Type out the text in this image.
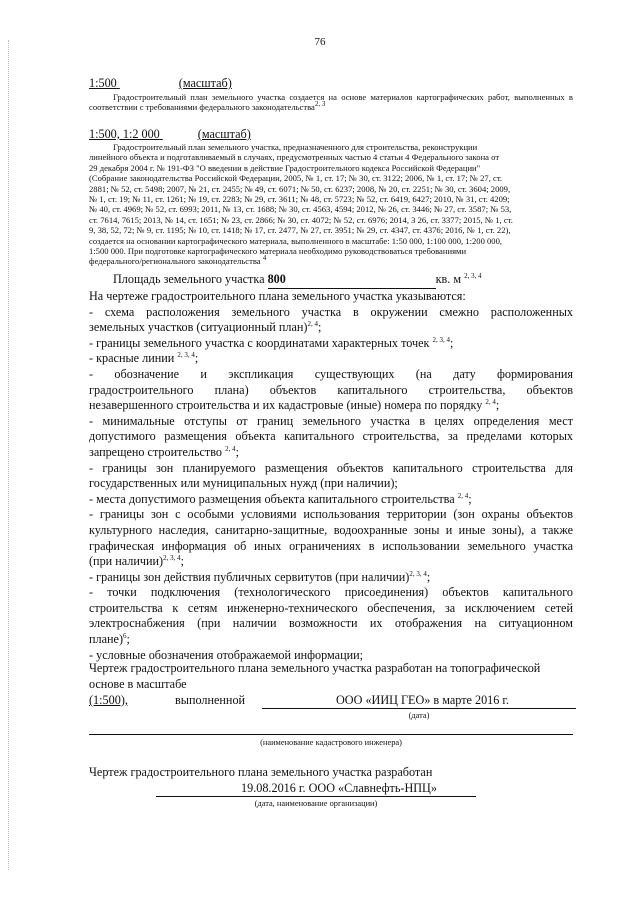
76
1:500	(масштаб)
Градостроительный план земельного участка создается на основе материалов картографических работ, выполненных в соответствии с требованиями федерального законодательства$^{2, 3}$
1:500, 1:2 000	(масштаб)
Градостроительный план земельного участка, предназначенного для строительства, реконструкции
линейного объекта и подготавливаемый в случаях, предусмотренных частью 4 статьи 4 Федерального закона от
29 декабря 2004 г. № 191-ФЗ "О введении в действие Градостроительного кодекса Российской Федерации"
(Собрание законодательства Российской Федерации, 2005, № 1, ст. 17; № 30, ст. 3122; 2006, № 1, ст. 17; № 27, ст.
2881; № 52, ст. 5498; 2007, № 21, ст. 2455; № 49, ст. 6071; № 50, ст. 6237; 2008, № 20, ст. 2251; № 30, ст. 3604; 2009,
№ 1, ст. 19; № 11, ст. 1261; № 19, ст. 2283; № 29, ст. 3611; № 48, ст. 5723; № 52, ст. 6419, 6427; 2010, № 31, ст. 4209;
№ 40, ст. 4969; № 52, ст. 6993; 2011, № 13, ст. 1688; № 30, ст. 4563, 4594; 2012, № 26, ст. 3446; № 27, ст. 3587; № 53,
ст. 7614, 7615; 2013, № 14, ст. 1651; № 23, ст. 2866; № 30, ст. 4072; № 52, ст. 6976; 2014, 3 26, ст. 3377; 2015, № 1, ст.
9, 38, 52, 72; № 9, ст. 1195; № 10, ст. 1418; № 17, ст. 2477, № 27, ст. 3951; № 29, ст. 4347, ст. 4376; 2016, № 1, ст. 22),
создается на основании картографического материала, выполненного в масштабе: 1:50 000, 1:100 000, 1:200 000,
1:500 000. При подготовке картографического материала необходимо руководствоваться требованиями
федерального/регионального законодательства $^4$
Площадь земельного участка 800	кв. м $^{2, 3, 4}$
На чертеже градостроительного плана земельного участка указываются:
- схема расположения земельного участка в окружении смежно расположенных
земельных участков (ситуационный план)$^{2, 4}$;
- границы земельного участка с координатами характерных точек $^{2, 3, 4}$;
- красные линии $^{2, 3, 4}$;
- обозначение и экспликация существующих (на дату формирования
градостроительного плана) объектов капитального строительства, объектов
незавершенного строительства и их кадастровые (иные) номера по порядку $^{2, 4}$;
- минимальные отступы от границ земельного участка в целях определения мест
допустимого размещения объекта капитального строительства, за пределами которых
запрещено строительство $^{2, 4}$;
- границы зон планируемого размещения объектов капитального строительства для
государственных или муниципальных нужд (при наличии);
- места допустимого размещения объекта капитального строительства $^{2, 4}$;
- границы зон с особыми условиями использования территории (зон охраны объектов
культурного наследия, санитарно-защитные, водоохранные зоны и иные зоны), а также
графическая информация об иных ограничениях в использовании земельного участка
(при наличии)$^{2, 3, 4}$;
- границы зон действия публичных сервитутов (при наличии)$^{2, 3, 4}$;
- точки подключения (технологического присоединения) объектов капитального
строительства к сетям инженерно-технического обеспечения, за исключением сетей
электроснабжения (при наличии возможности их отображения на ситуационном
плане)$^6$;
- условные обозначения отображаемой информации;
Чертеж градостроительного плана земельного участка разработан на топографической
основе в масштабе
(1:500),	выполненной	ООО «ИИЦ ГЕО» в марте 2016 г.
(дата)
(наименование кадастрового инженера)
Чертеж градостроительного плана земельного участка разработан
19.08.2016 г. ООО «Славнефть-НПЦ»
(дата, наименование организации)
